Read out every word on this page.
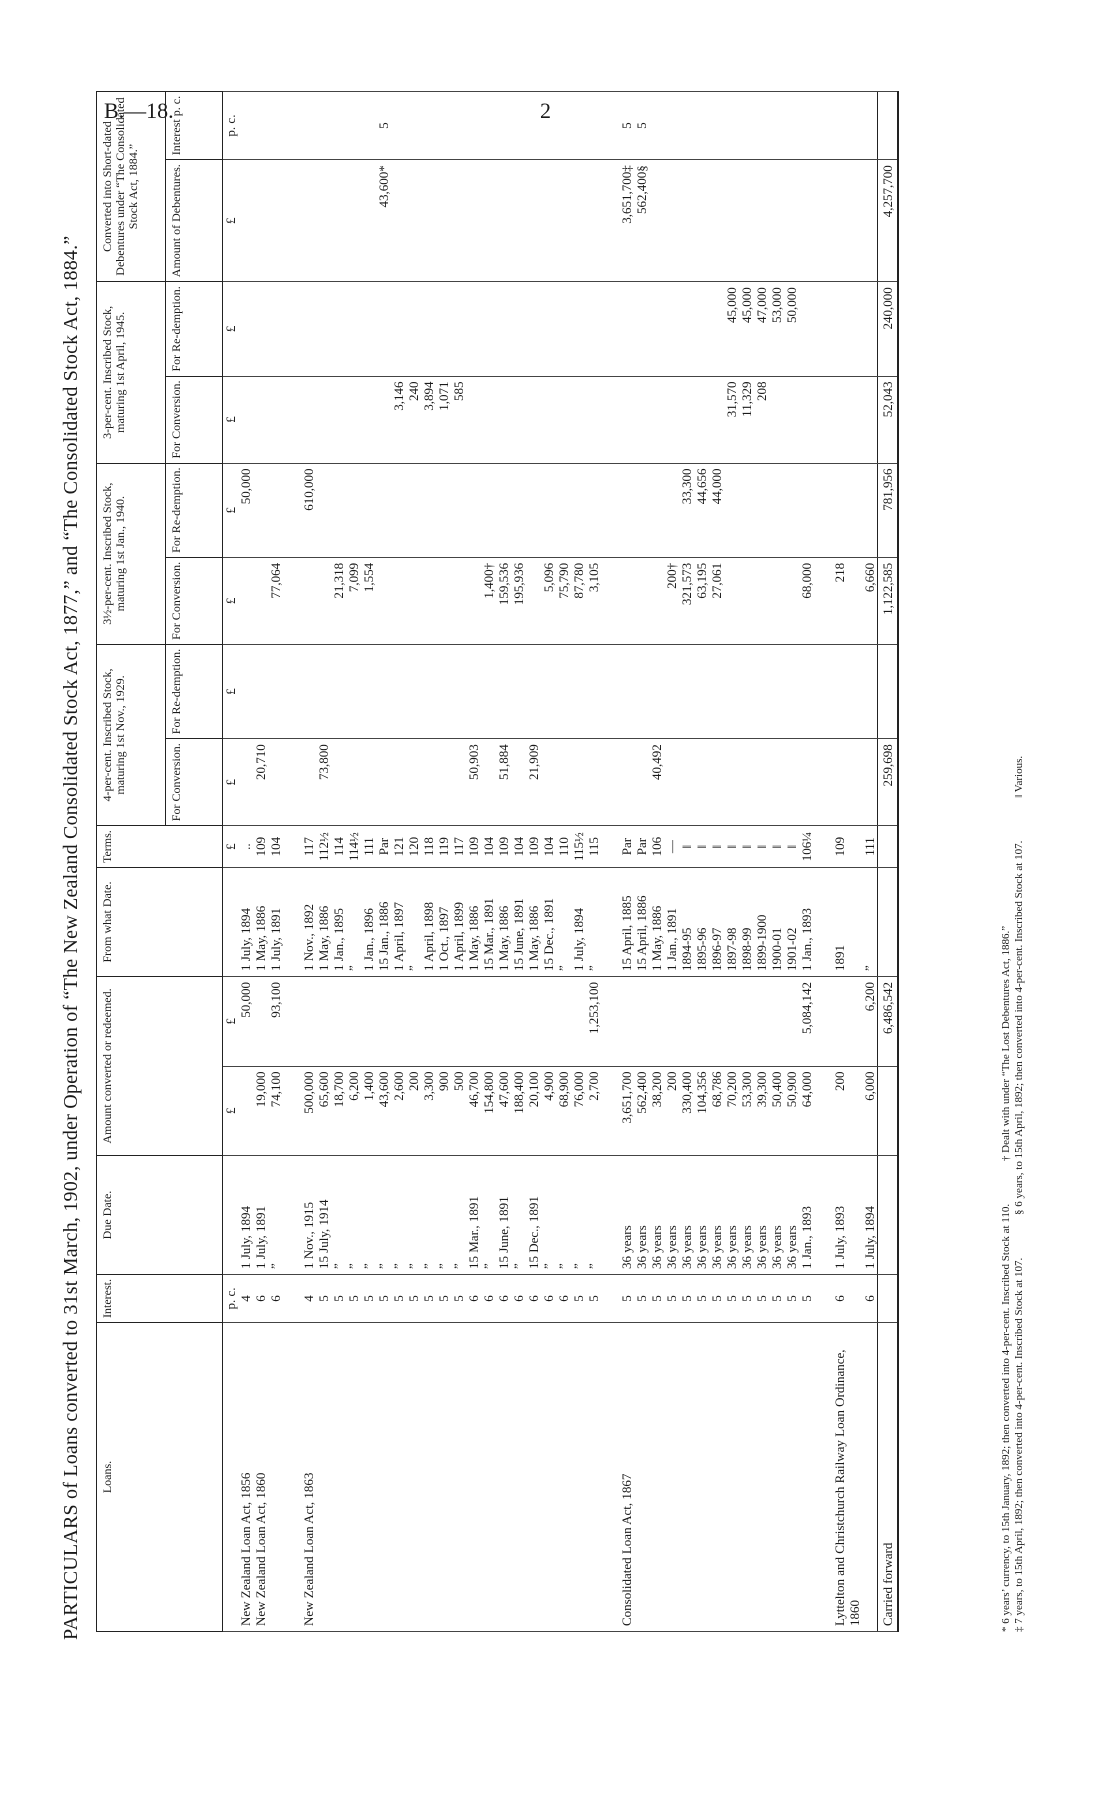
B.—18.	2
PARTICULARS of Loans converted to 31st March, 1902, under Operation of “The New Zealand Consolidated Stock Act, 1877,” and “The Consolidated Stock Act, 1884.” Loans.	Interest.	Due Date.	Amount converted or redeemed.		From what Date.	Terms.	4-per-cent. Inscribed Stock, maturing 1st Nov., 1929.		3½-per-cent. Inscribed Stock, maturing 1st Jan., 1940.		3-per-cent. Inscribed Stock, maturing 1st April, 1945.		Converted into Short-dated Debentures under “The Consolidated Stock Act, 1884.”	
							For Conversion.	For Re-demption.	For Conversion.	For Re-demption.	For Conversion.	For Re-demption.	Amount of Debentures.	Interest p. c.
	p. c.		£	£		£	£	£	£	£	£	£	£	p. c.
New Zealand Loan Act, 1856	4	1 July, 1894		50,000	1 July, 1894	..				50,000				
New Zealand Loan Act, 1860	6	1 July, 1891	19,000		1 May, 1886	109	20,710							
	6	”	74,100	93,100	1 July, 1891	104			77,064					

New Zealand Loan Act, 1863	4	1 Nov., 1915	500,000		1 Nov., 1892	117				610,000				
	5	15 July, 1914	65,600		1 May, 1886	112½	73,800							
	5	”	18,700		1 Jan., 1895	114			21,318					
	5	”	6,200		”	114½			7,099					
	5	”	1,400		1 Jan., 1896	111			1,554					
	5	”	43,600		15 Jan., 1886	Par							43,600*	5
	5	”	2,600		1 April, 1897	121					3,146			
	5	”	200		”	120					240			
	5	”	3,300		1 April, 1898	118					3,894			
	5	”	900		1 Oct., 1897	119					1,071			
	5	”	500		1 April, 1899	117					585			
	6	15 Mar., 1891	46,700		1 May, 1886	109	50,903							
	6	”	154,800		15 Mar., 1891	104			1,400†					
	6	15 June, 1891	47,600		1 May, 1886	109	51,884		159,536					
	6	”	188,400		15 June, 1891	104			195,936					
	6	15 Dec., 1891	20,100		1 May, 1886	109	21,909							
	6	”	4,900		15 Dec., 1891	104			5,096					
	6	”	68,900		”	110			75,790					
	5	”	76,000		1 July, 1894	115½			87,780					
	5	”	2,700	1,253,100	”	115			3,105					

Consolidated Loan Act, 1867	5	36 years	3,651,700		15 April, 1885	Par							3,651,700‡	5
	5	36 years	562,400		15 April, 1886	Par							562,400§	5
	5	36 years	38,200		1 May, 1886	106	40,492							
	5	36 years	200		1 Jan., 1891	—			200†					
	5	36 years	330,400		1894-95	‖			321,573	33,300				
	5	36 years	104,356		1895-96	‖			63,195	44,656				
	5	36 years	68,786		1896-97	‖			27,061	44,000				
	5	36 years	70,200		1897-98	‖					31,570	45,000		
	5	36 years	53,300		1898-99	‖					11,329	45,000		
	5	36 years	39,300		1899-1900	‖					208	47,000		
	5	36 years	50,400		1900-01	‖						53,000		
	5	36 years	50,900		1901-02	‖						50,000		
	5	1 Jan., 1893	64,000	5,084,142	1 Jan., 1893	106¼			68,000					

Lyttelton and Christchurch Railway Loan Ordinance, 1860	6	1 July, 1893	200		1891	109			218					
	6	1 July, 1894	6,000	6,200	”	111			6,660					
Carried forward				6,486,542			259,698		1,122,585	781,956	52,043	240,000	4,257,700	
* 6 years’ currency, to 15th January, 1892; then converted into 4-per-cent. Inscribed Stock at 110. † Dealt with under “The Lost Debentures Act, 1886.”
‡ 7 years, to 15th April, 1892; then converted into 4-per-cent. Inscribed Stock at 107. § 6 years, to 15th April, 1892; then converted into 4-per-cent. Inscribed Stock at 107. ‖ Various.
